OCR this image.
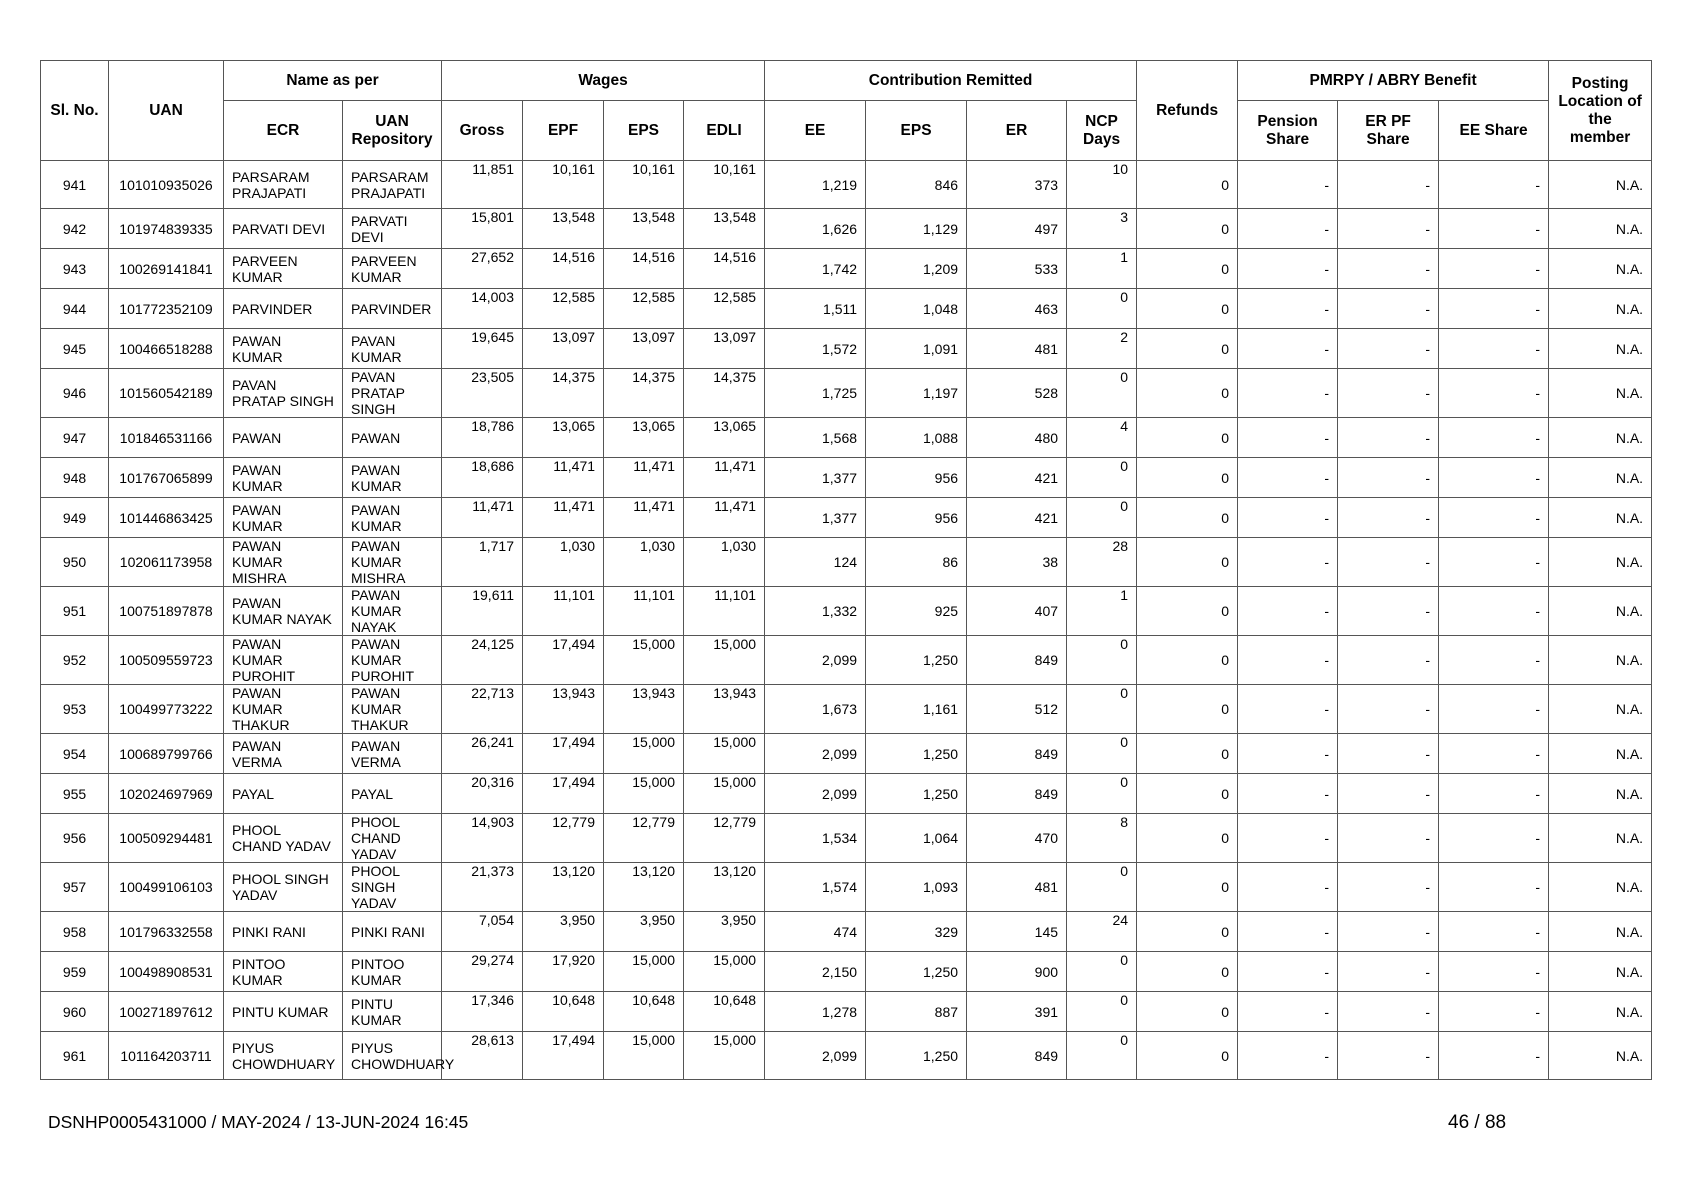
Sl. No.	UAN	Name as per		Wages				Contribution Remitted				Refunds	PMRPY / ABRY Benefit			Posting Location of the member
		ECR	UAN Repository	Gross	EPF	EPS	EDLI	EE	EPS	ER	NCP Days		Pension Share	ER PF Share	EE Share	
941	101010935026	PARSARAM PRAJAPATI	PARSARAM PRAJAPATI	11,851	10,161	10,161	10,161	1,219	846	373	10	0	-	-	-	N.A.
942	101974839335	PARVATI DEVI	PARVATI DEVI	15,801	13,548	13,548	13,548	1,626	1,129	497	3	0	-	-	-	N.A.
943	100269141841	PARVEEN KUMAR	PARVEEN KUMAR	27,652	14,516	14,516	14,516	1,742	1,209	533	1	0	-	-	-	N.A.
944	101772352109	PARVINDER	PARVINDER	14,003	12,585	12,585	12,585	1,511	1,048	463	0	0	-	-	-	N.A.
945	100466518288	PAWAN KUMAR	PAVAN KUMAR	19,645	13,097	13,097	13,097	1,572	1,091	481	2	0	-	-	-	N.A.
946	101560542189	PAVAN PRATAP SINGH	PAVAN PRATAP SINGH	23,505	14,375	14,375	14,375	1,725	1,197	528	0	0	-	-	-	N.A.
947	101846531166	PAWAN	PAWAN	18,786	13,065	13,065	13,065	1,568	1,088	480	4	0	-	-	-	N.A.
948	101767065899	PAWAN KUMAR	PAWAN KUMAR	18,686	11,471	11,471	11,471	1,377	956	421	0	0	-	-	-	N.A.
949	101446863425	PAWAN KUMAR	PAWAN KUMAR	11,471	11,471	11,471	11,471	1,377	956	421	0	0	-	-	-	N.A.
950	102061173958	PAWAN KUMAR MISHRA	PAWAN KUMAR MISHRA	1,717	1,030	1,030	1,030	124	86	38	28	0	-	-	-	N.A.
951	100751897878	PAWAN KUMAR NAYAK	PAWAN KUMAR NAYAK	19,611	11,101	11,101	11,101	1,332	925	407	1	0	-	-	-	N.A.
952	100509559723	PAWAN KUMAR PUROHIT	PAWAN KUMAR PUROHIT	24,125	17,494	15,000	15,000	2,099	1,250	849	0	0	-	-	-	N.A.
953	100499773222	PAWAN KUMAR THAKUR	PAWAN KUMAR THAKUR	22,713	13,943	13,943	13,943	1,673	1,161	512	0	0	-	-	-	N.A.
954	100689799766	PAWAN VERMA	PAWAN VERMA	26,241	17,494	15,000	15,000	2,099	1,250	849	0	0	-	-	-	N.A.
955	102024697969	PAYAL	PAYAL	20,316	17,494	15,000	15,000	2,099	1,250	849	0	0	-	-	-	N.A.
956	100509294481	PHOOL CHAND YADAV	PHOOL CHAND YADAV	14,903	12,779	12,779	12,779	1,534	1,064	470	8	0	-	-	-	N.A.
957	100499106103	PHOOL SINGH YADAV	PHOOL SINGH YADAV	21,373	13,120	13,120	13,120	1,574	1,093	481	0	0	-	-	-	N.A.
958	101796332558	PINKI RANI	PINKI RANI	7,054	3,950	3,950	3,950	474	329	145	24	0	-	-	-	N.A.
959	100498908531	PINTOO KUMAR	PINTOO KUMAR	29,274	17,920	15,000	15,000	2,150	1,250	900	0	0	-	-	-	N.A.
960	100271897612	PINTU KUMAR	PINTU KUMAR	17,346	10,648	10,648	10,648	1,278	887	391	0	0	-	-	-	N.A.
961	101164203711	PIYUS CHOWDHUARY	PIYUS CHOWDHUARY	28,613	17,494	15,000	15,000	2,099	1,250	849	0	0	-	-	-	N.A.
DSNHP0005431000 / MAY-2024 / 13-JUN-2024 16:45	46 / 88
